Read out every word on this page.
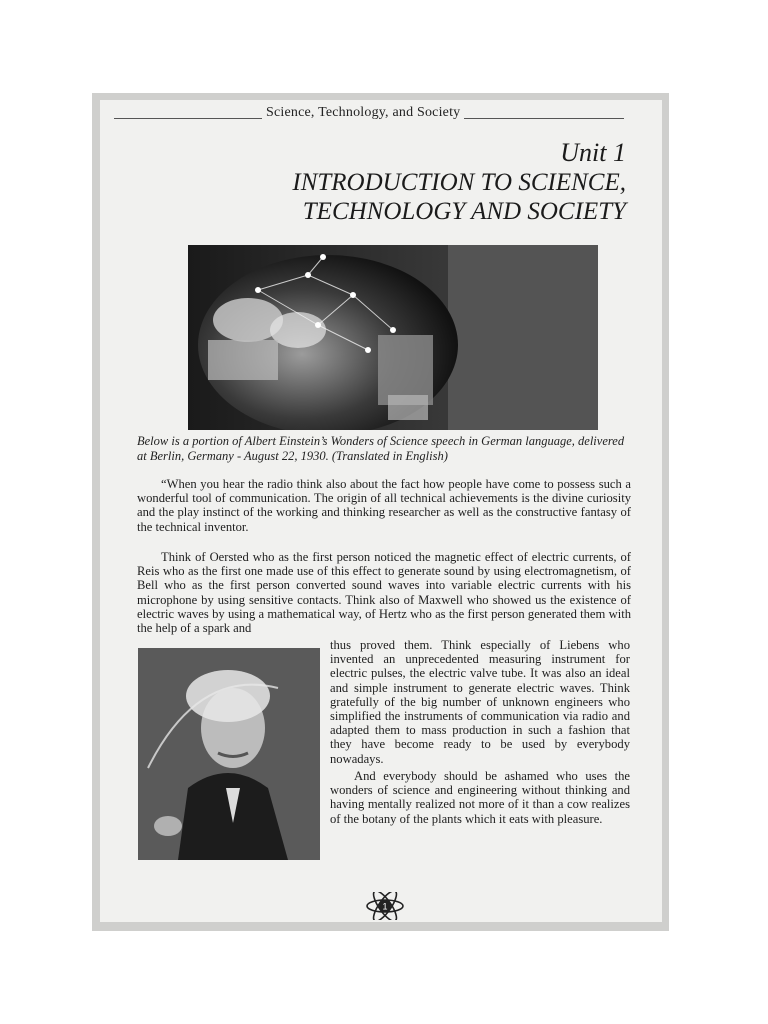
Science, Technology, and Society
Unit 1
INTRODUCTION TO SCIENCE,
TECHNOLOGY AND SOCIETY
Below is a portion of Albert Einstein’s Wonders of Science speech in German language, delivered at Berlin, Germany - August 22, 1930. (Translated in English)

“When you hear the radio think also about the fact how people have come to possess such a wonderful tool of communication. The origin of all technical achievements is the divine curiosity and the play instinct of the working and thinking researcher as well as the constructive fantasy of the technical inventor.

Think of Oersted who as the first person noticed the magnetic effect of electric currents, of Reis who as the first one made use of this effect to generate sound by using electromagnetism, of Bell who as the first person converted sound waves into variable electric currents with his microphone by using sensitive contacts. Think also of Maxwell who showed us the existence of electric waves by using a mathematical way, of Hertz who as the first person generated them with the help of a spark and

thus proved them. Think especially of Liebens who invented an unprecedented measuring instrument for electric pulses, the electric valve tube. It was also an ideal and simple instrument to generate electric waves. Think gratefully of the big number of unknown engineers who simplified the instruments of communication via radio and adapted them to mass production in such a fashion that they have become ready to be used by everybody nowadays.

And everybody should be ashamed who uses the wonders of science and engineering without thinking and having mentally realized not more of it than a cow realizes of the botany of the plants which it eats with pleasure.

1
